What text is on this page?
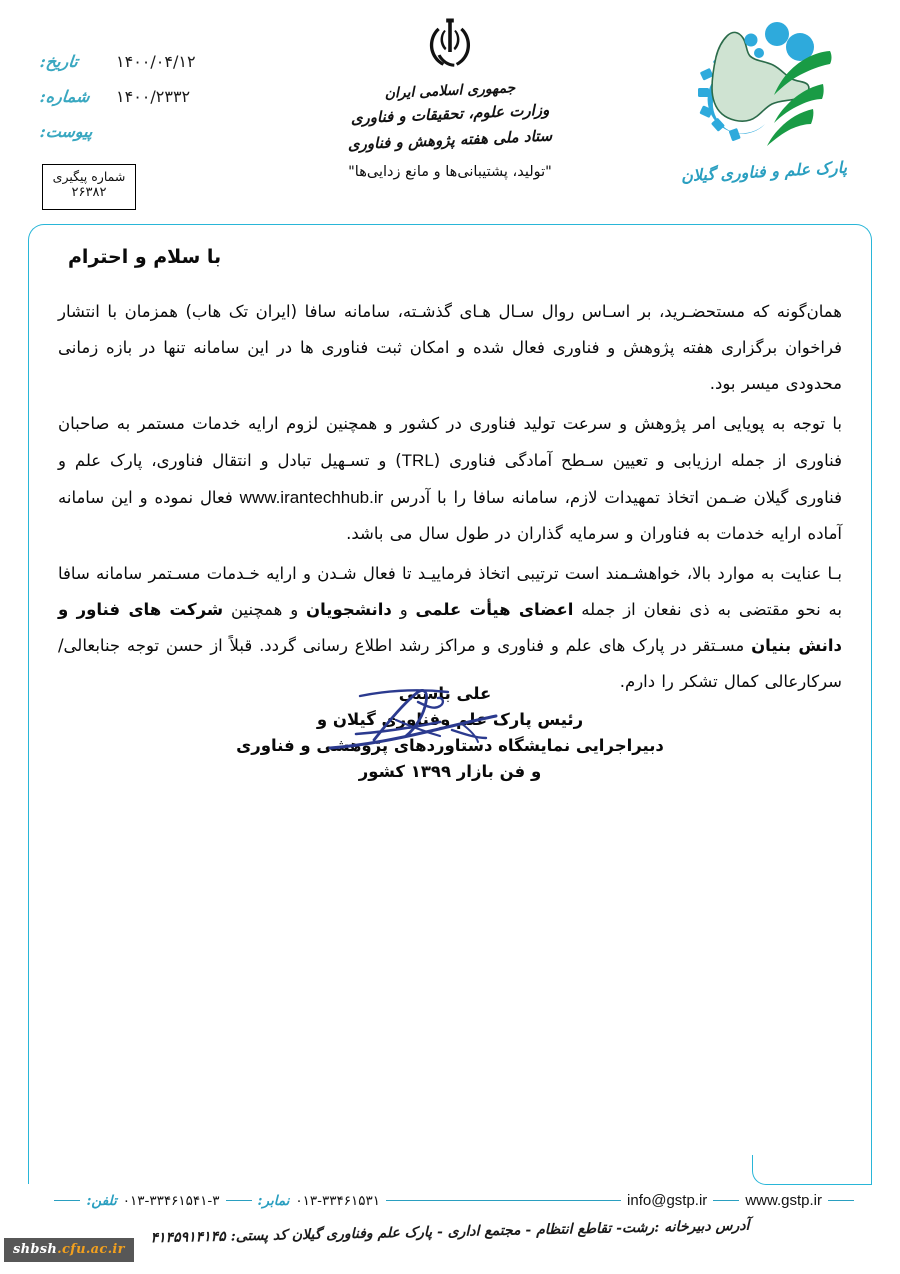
تاریخ:	۱۴۰۰/۰۴/۱۲
شماره:	۱۴۰۰/۲۳۳۲
پیوست:
شماره پیگیری
۲۶۳۸۲
جمهوری اسلامی ایران
وزارت علوم، تحقیقات و فناوری
ستاد ملی هفته پژوهش و فناوری
"تولید، پشتیبانی‌ها و مانع زدایی‌ها"	پارک علم و فناوری گیلان
با سلام و احترام

همان‌گونه که مستحضـرید، بر اسـاس روال سـال هـای گذشـته، سامانه سافا (ایران تک هاب) همزمان با انتشار فراخوان برگزاری هفته پژوهش و فناوری فعال شده و امکان ثبت فناوری ها در این سامانه تنها در بازه زمانی محدودی میسر بود.

با توجه به پویایی امر پژوهش و سرعت تولید فناوری در کشور و همچنین لزوم ارایه خدمات مستمر به صاحبان فناوری از جمله ارزیابی و تعیین سـطح آمادگی فناوری (TRL) و تسـهیل تبادل و انتقال فناوری، پارک علم و فناوری گیلان ضـمن اتخاذ تمهیدات لازم، سامانه سافا را با آدرس www.irantechhub.ir فعال نموده و این سامانه آماده ارایه خدمات به فناوران و سرمایه گذاران در طول سال می باشد.

بـا عنایت به موارد بالا، خواهشـمند است ترتیبی اتخاذ فرماییـد تا فعال شـدن و ارایه خـدمات مسـتمر سامانه سافا به نحو مقتضی به ذی نفعان از جمله اعضای هیأت علمی و دانشجویان و همچنین شرکت های فناور و دانش بنیان مسـتقر در پارک های علم و فناوری و مراکز رشد اطلاع رسانی گردد. قبلاً از حسن توجه جنابعالی/ سرکارعالی کمال تشکر را دارم.

علی باستی
رئیس پارک علم وفناوری گیلان و
دبیراجرایی نمایشگاه دستاوردهای پژوهشی و فناوری
و فن بازار ۱۳۹۹ کشور
www.gstp.ir
info@gstp.ir
۰۱۳-۳۳۴۶۱۵۳۱
نمابر:
۰۱۳-۳۳۴۶۱۵۴۱-۳
تلفن:
آدرس دبیرخانه :رشت- تقاطع انتظام - مجتمع اداری - پارک علم وفناوری گیلان کد پستی: ۴۱۴۵۹۱۴۱۴۵
shbsh.cfu.ac.ir
